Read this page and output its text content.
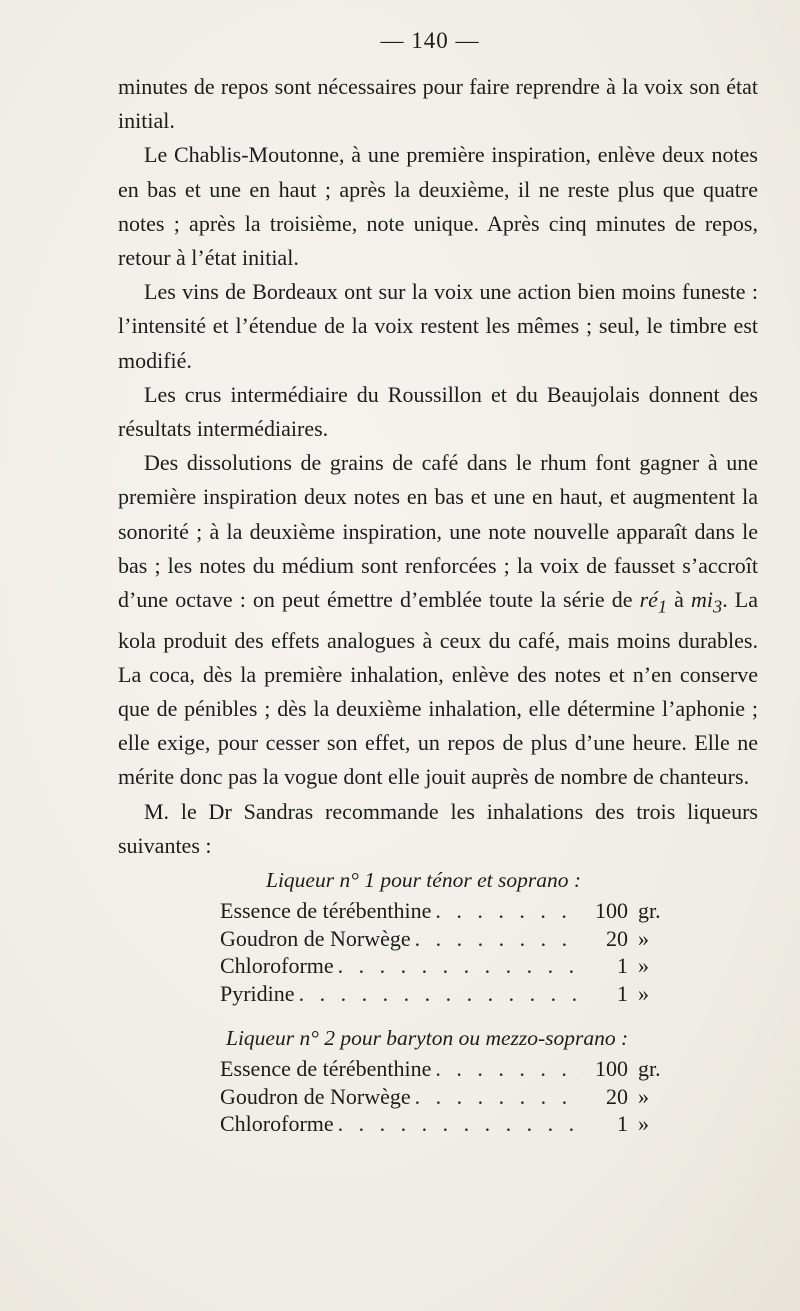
— 140 —

minutes de repos sont nécessaires pour faire reprendre à la voix son état initial.

Le Chablis-Moutonne, à une première inspiration, enlève deux notes en bas et une en haut ; après la deuxième, il ne reste plus que quatre notes ; après la troisième, note unique. Après cinq minutes de repos, retour à l’état initial.

Les vins de Bordeaux ont sur la voix une action bien moins funeste : l’intensité et l’étendue de la voix restent les mêmes ; seul, le timbre est modifié.

Les crus intermédiaire du Roussillon et du Beaujolais donnent des résultats intermédiaires.

Des dissolutions de grains de café dans le rhum font gagner à une première inspiration deux notes en bas et une en haut, et augmentent la sonorité ; à la deuxième inspiration, une note nouvelle apparaît dans le bas ; les notes du médium sont renforcées ; la voix de fausset s’accroît d’une octave : on peut émettre d’emblée toute la série de $ré_1$ à $mi_3$. La kola produit des effets analogues à ceux du café, mais moins durables. La coca, dès la première inhalation, enlève des notes et n’en conserve que de pénibles ; dès la deuxième inhalation, elle détermine l’aphonie ; elle exige, pour cesser son effet, un repos de plus d’une heure. Elle ne mérite donc pas la vogue dont elle jouit auprès de nombre de chanteurs.

M. le Dr Sandras recommande les inhalations des trois liqueurs suivantes :

Liqueur n° 1 pour ténor et soprano :

Essence de térébenthine . . .	100 gr.
Goudron de Norwège . . .	20 »
Chloroforme . . .	1 »
Pyridine . . .	1 »

Liqueur n° 2 pour baryton ou mezzo-soprano :

Essence de térébenthine . . .	100 gr.
Goudron de Norwège . . .	20 »
Chloroforme . . .	1 »
